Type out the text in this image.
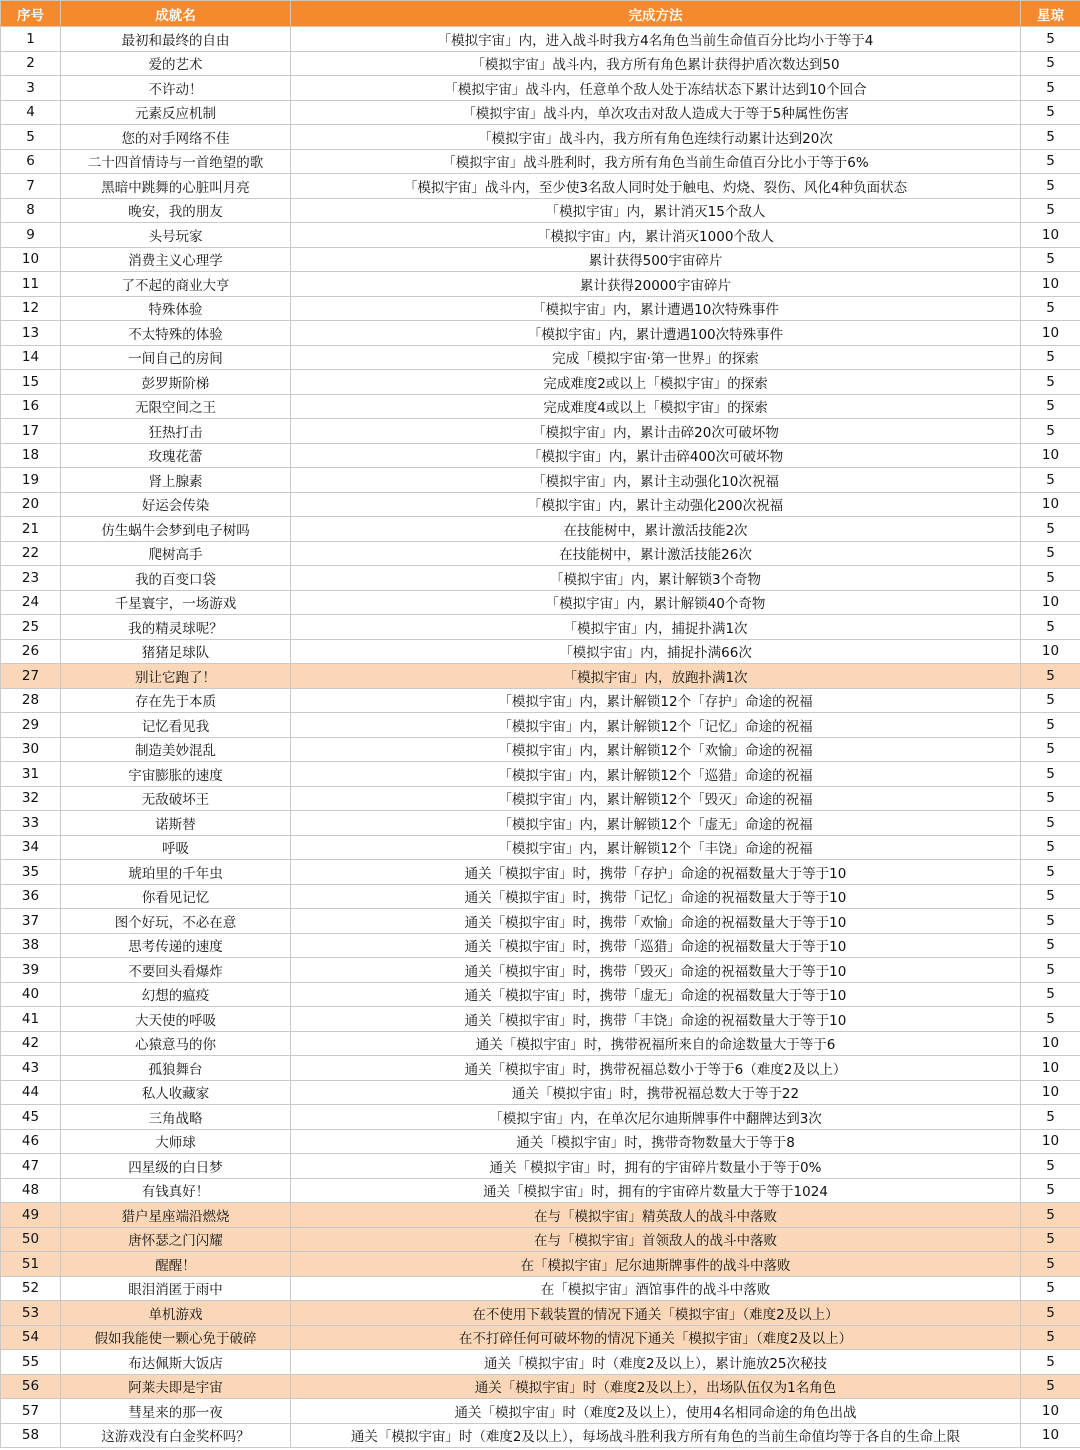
序号	成就名	完成方法	星琼
1	最初和最终的自由	「模拟宇宙」内，进入战斗时我方4名角色当前生命值百分比均小于等于4	5
2	爱的艺术	「模拟宇宙」战斗内，我方所有角色累计获得护盾次数达到50	5
3	不许动！	「模拟宇宙」战斗内，任意单个敌人处于冻结状态下累计达到10个回合	5
4	元素反应机制	「模拟宇宙」战斗内，单次攻击对敌人造成大于等于5种属性伤害	5
5	您的对手网络不佳	「模拟宇宙」战斗内，我方所有角色连续行动累计达到20次	5
6	二十四首情诗与一首绝望的歌	「模拟宇宙」战斗胜利时，我方所有角色当前生命值百分比小于等于6%	5
7	黑暗中跳舞的心脏叫月亮	「模拟宇宙」战斗内，至少使3名敌人同时处于触电、灼烧、裂伤、风化4种负面状态	5
8	晚安，我的朋友	「模拟宇宙」内，累计消灭15个敌人	5
9	头号玩家	「模拟宇宙」内，累计消灭1000个敌人	10
10	消费主义心理学	累计获得500宇宙碎片	5
11	了不起的商业大亨	累计获得20000宇宙碎片	10
12	特殊体验	「模拟宇宙」内，累计遭遇10次特殊事件	5
13	不太特殊的体验	「模拟宇宙」内，累计遭遇100次特殊事件	10
14	一间自己的房间	完成「模拟宇宙·第一世界」的探索	5
15	彭罗斯阶梯	完成难度2或以上「模拟宇宙」的探索	5
16	无限空间之王	完成难度4或以上「模拟宇宙」的探索	5
17	狂热打击	「模拟宇宙」内，累计击碎20次可破坏物	5
18	玫瑰花蕾	「模拟宇宙」内，累计击碎400次可破坏物	10
19	肾上腺素	「模拟宇宙」内，累计主动强化10次祝福	5
20	好运会传染	「模拟宇宙」内，累计主动强化200次祝福	10
21	仿生蜗牛会梦到电子树吗	在技能树中，累计激活技能2次	5
22	爬树高手	在技能树中，累计激活技能26次	5
23	我的百变口袋	「模拟宇宙」内，累计解锁3个奇物	5
24	千星寰宇，一场游戏	「模拟宇宙」内，累计解锁40个奇物	10
25	我的精灵球呢？	「模拟宇宙」内，捕捉扑满1次	5
26	猪猪足球队	「模拟宇宙」内，捕捉扑满66次	10
27	别让它跑了！	「模拟宇宙」内，放跑扑满1次	5
28	存在先于本质	「模拟宇宙」内，累计解锁12个「存护」命途的祝福	5
29	记忆看见我	「模拟宇宙」内，累计解锁12个「记忆」命途的祝福	5
30	制造美妙混乱	「模拟宇宙」内，累计解锁12个「欢愉」命途的祝福	5
31	宇宙膨胀的速度	「模拟宇宙」内，累计解锁12个「巡猎」命途的祝福	5
32	无敌破坏王	「模拟宇宙」内，累计解锁12个「毁灭」命途的祝福	5
33	诺斯替	「模拟宇宙」内，累计解锁12个「虚无」命途的祝福	5
34	呼吸	「模拟宇宙」内，累计解锁12个「丰饶」命途的祝福	5
35	琥珀里的千年虫	通关「模拟宇宙」时，携带「存护」命途的祝福数量大于等于10	5
36	你看见记忆	通关「模拟宇宙」时，携带「记忆」命途的祝福数量大于等于10	5
37	图个好玩，不必在意	通关「模拟宇宙」时，携带「欢愉」命途的祝福数量大于等于10	5
38	思考传递的速度	通关「模拟宇宙」时，携带「巡猎」命途的祝福数量大于等于10	5
39	不要回头看爆炸	通关「模拟宇宙」时，携带「毁灭」命途的祝福数量大于等于10	5
40	幻想的瘟疫	通关「模拟宇宙」时，携带「虚无」命途的祝福数量大于等于10	5
41	大天使的呼吸	通关「模拟宇宙」时，携带「丰饶」命途的祝福数量大于等于10	5
42	心猿意马的你	通关「模拟宇宙」时，携带祝福所来自的命途数量大于等于6	10
43	孤狼舞台	通关「模拟宇宙」时，携带祝福总数小于等于6（难度2及以上）	10
44	私人收藏家	通关「模拟宇宙」时，携带祝福总数大于等于22	10
45	三角战略	「模拟宇宙」内，在单次尼尔迪斯牌事件中翻牌达到3次	5
46	大师球	通关「模拟宇宙」时，携带奇物数量大于等于8	10
47	四星级的白日梦	通关「模拟宇宙」时，拥有的宇宙碎片数量小于等于0%	5
48	有钱真好！	通关「模拟宇宙」时，拥有的宇宙碎片数量大于等于1024	5
49	猎户星座端沿燃烧	在与「模拟宇宙」精英敌人的战斗中落败	5
50	唐怀瑟之门闪耀	在与「模拟宇宙」首领敌人的战斗中落败	5
51	醒醒！	在「模拟宇宙」尼尔迪斯牌事件的战斗中落败	5
52	眼泪消匿于雨中	在「模拟宇宙」酒馆事件的战斗中落败	5
53	单机游戏	在不使用下载装置的情况下通关「模拟宇宙」（难度2及以上）	5
54	假如我能使一颗心免于破碎	在不打碎任何可破坏物的情况下通关「模拟宇宙」（难度2及以上）	5
55	布达佩斯大饭店	通关「模拟宇宙」时（难度2及以上），累计施放25次秘技	5
56	阿莱夫即是宇宙	通关「模拟宇宙」时（难度2及以上），出场队伍仅为1名角色	5
57	彗星来的那一夜	通关「模拟宇宙」时（难度2及以上），使用4名相同命途的角色出战	10
58	这游戏没有白金奖杯吗？	通关「模拟宇宙」时（难度2及以上），每场战斗胜利我方所有角色的当前生命值均等于各自的生命上限	10
